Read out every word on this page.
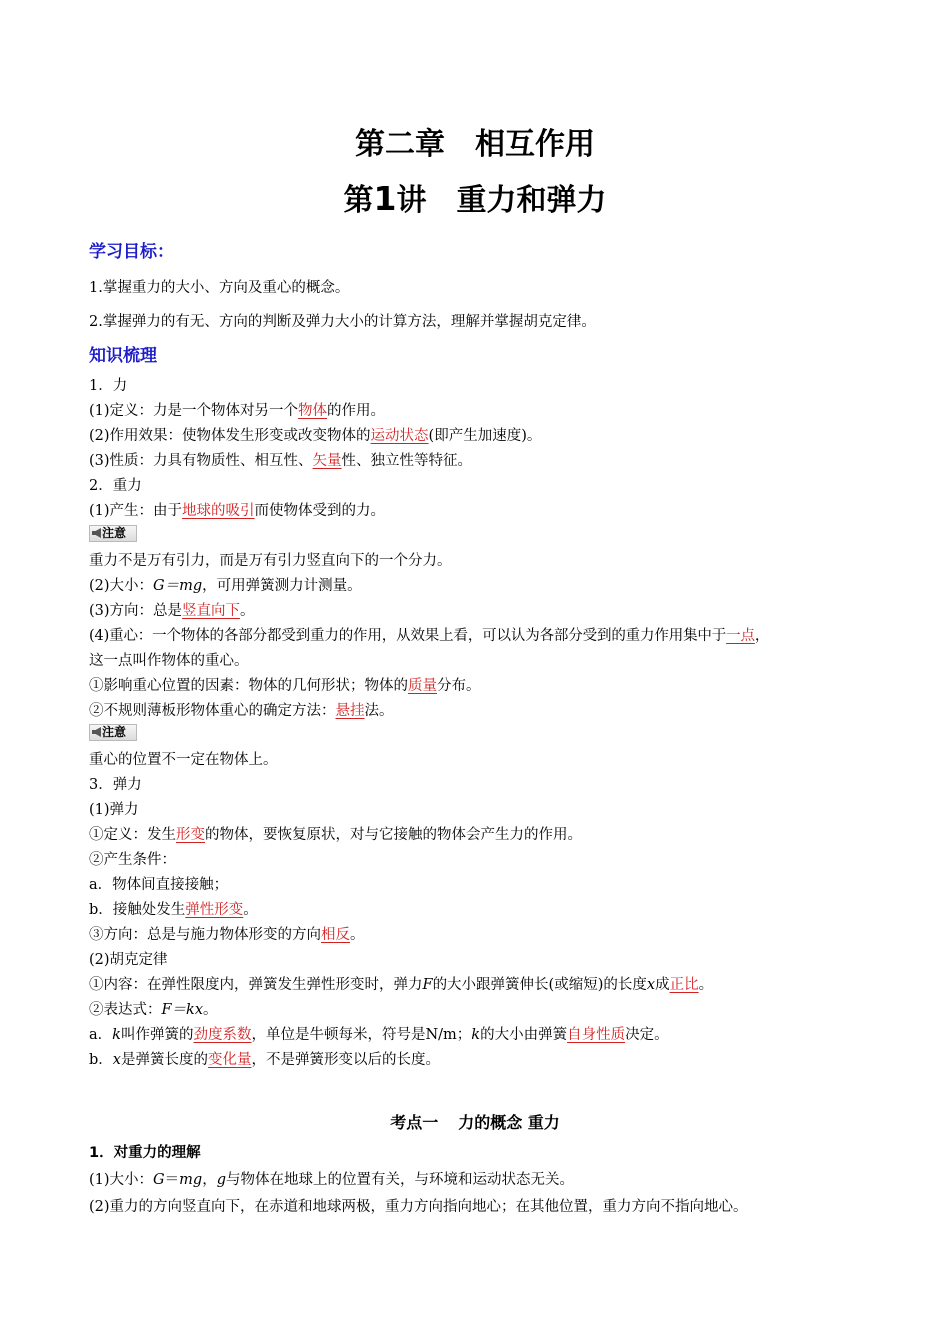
第二章　相互作用
第1讲　重力和弹力
学习目标：
1.掌握重力的大小、方向及重心的概念。
2.掌握弹力的有无、方向的判断及弹力大小的计算方法，理解并掌握胡克定律。
知识梳理
1．力
(1)定义：力是一个物体对另一个物体的作用。
(2)作用效果：使物体发生形变或改变物体的运动状态(即产生加速度)。
(3)性质：力具有物质性、相互性、矢量性、独立性等特征。
2．重力
(1)产生：由于地球的吸引而使物体受到的力。
注意
重力不是万有引力，而是万有引力竖直向下的一个分力。
(2)大小：G＝mg，可用弹簧测力计测量。
(3)方向：总是竖直向下。
(4)重心：一个物体的各部分都受到重力的作用，从效果上看，可以认为各部分受到的重力作用集中于一点，
这一点叫作物体的重心。
①影响重心位置的因素：物体的几何形状；物体的质量分布。
②不规则薄板形物体重心的确定方法：悬挂法。
注意
重心的位置不一定在物体上。
3．弹力
(1)弹力
①定义：发生形变的物体，要恢复原状，对与它接触的物体会产生力的作用。
②产生条件：
a．物体间直接接触；
b．接触处发生弹性形变。
③方向：总是与施力物体形变的方向相反。
(2)胡克定律
①内容：在弹性限度内，弹簧发生弹性形变时，弹力F的大小跟弹簧伸长(或缩短)的长度x成正比。
②表达式：F＝kx。
a．k叫作弹簧的劲度系数，单位是牛顿每米，符号是N/m；k的大小由弹簧自身性质决定。
b．x是弹簧长度的变化量，不是弹簧形变以后的长度。
考点一 力的概念 重力
1．对重力的理解
(1)大小：G＝mg，g与物体在地球上的位置有关，与环境和运动状态无关。
(2)重力的方向竖直向下，在赤道和地球两极，重力方向指向地心；在其他位置，重力方向不指向地心。
